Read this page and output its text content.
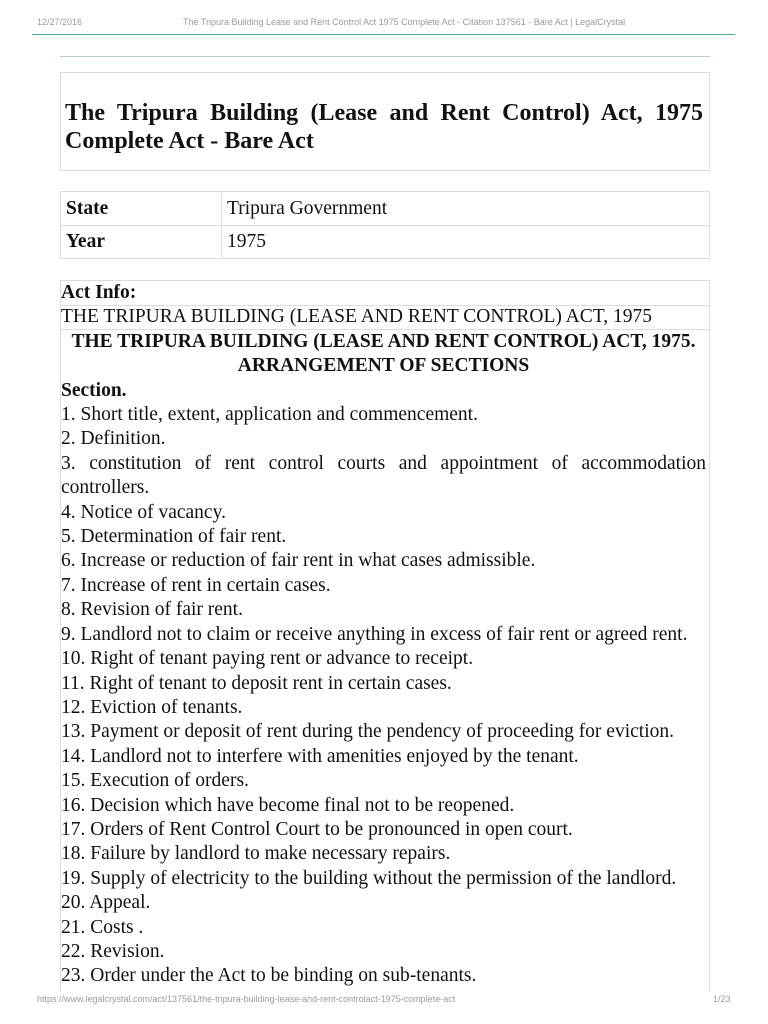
12/27/2016	The Tripura Building Lease and Rent Control Act 1975 Complete Act - Citation 137561 - Bare Act | LegalCrystal
The Tripura Building (Lease and Rent Control) Act, 1975 Complete Act - Bare Act
State	Tripura Government
Year	1975
Act Info:
THE TRIPURA BUILDING (LEASE AND RENT CONTROL) ACT, 1975
THE TRIPURA BUILDING (LEASE AND RENT CONTROL) ACT, 1975.
ARRANGEMENT OF SECTIONS
Section.
1. Short title, extent, application and commencement.
2. Definition.
3. constitution of rent control courts and appointment of accommodation controllers.
4. Notice of vacancy.
5. Determination of fair rent.
6. Increase or reduction of fair rent in what cases admissible.
7. Increase of rent in certain cases.
8. Revision of fair rent.
9. Landlord not to claim or receive anything in excess of fair rent or agreed rent.
10. Right of tenant paying rent or advance to receipt.
11. Right of tenant to deposit rent in certain cases.
12. Eviction of tenants.
13. Payment or deposit of rent during the pendency of proceeding for eviction.
14. Landlord not to interfere with amenities enjoyed by the tenant.
15. Execution of orders.
16. Decision which have become final not to be reopened.
17. Orders of Rent Control Court to be pronounced in open court.
18. Failure by landlord to make necessary repairs.
19. Supply of electricity to the building without the permission of the landlord.
20. Appeal.
21. Costs .
22. Revision.
23. Order under the Act to be binding on sub-tenants.
https://www.legalcrystal.com/act/137561/the-tripura-building-lease-and-rent-controlact-1975-complete-act	1/23
